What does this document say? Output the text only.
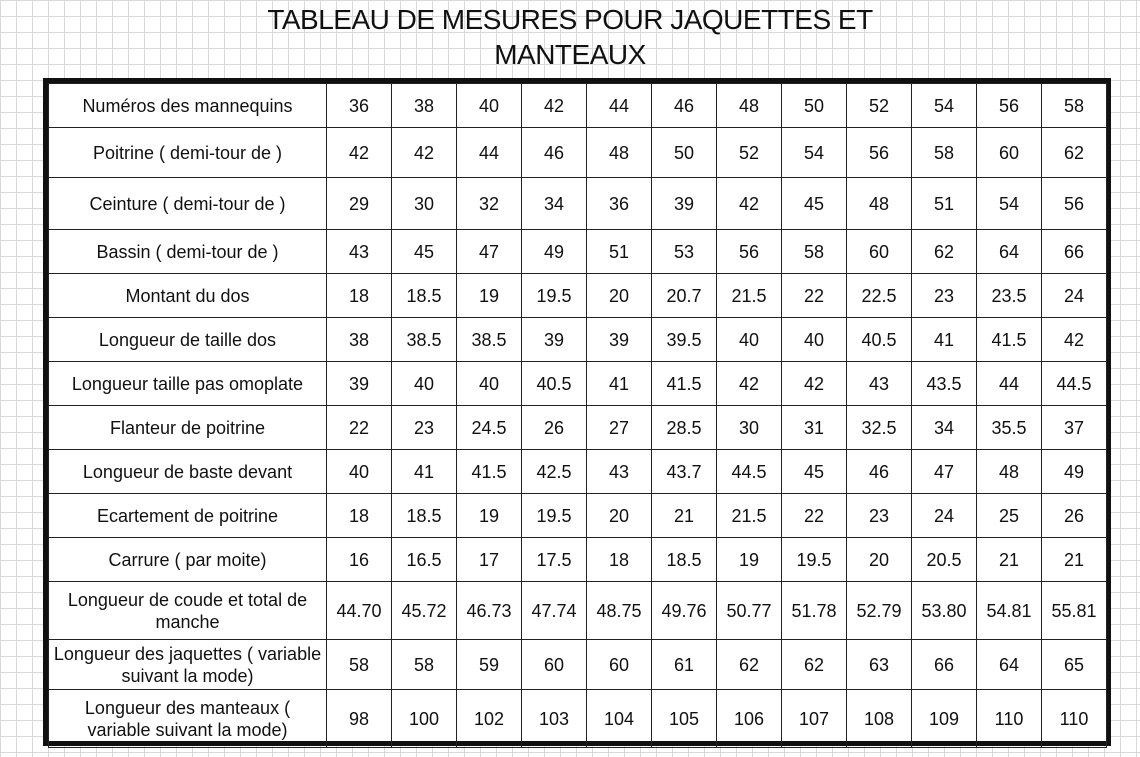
TABLEAU DE MESURES POUR JAQUETTES ET
MANTEAUX
Numéros des mannequins	36	38	40	42	44	46	48	50	52	54	56	58
Poitrine ( demi-tour de )	42	42	44	46	48	50	52	54	56	58	60	62
Ceinture ( demi-tour de )	29	30	32	34	36	39	42	45	48	51	54	56
Bassin ( demi-tour de )	43	45	47	49	51	53	56	58	60	62	64	66
Montant du dos	18	18.5	19	19.5	20	20.7	21.5	22	22.5	23	23.5	24
Longueur de taille dos	38	38.5	38.5	39	39	39.5	40	40	40.5	41	41.5	42
Longueur taille pas omoplate	39	40	40	40.5	41	41.5	42	42	43	43.5	44	44.5
Flanteur de poitrine	22	23	24.5	26	27	28.5	30	31	32.5	34	35.5	37
Longueur de baste devant	40	41	41.5	42.5	43	43.7	44.5	45	46	47	48	49
Ecartement de poitrine	18	18.5	19	19.5	20	21	21.5	22	23	24	25	26
Carrure ( par moite)	16	16.5	17	17.5	18	18.5	19	19.5	20	20.5	21	21
Longueur de coude et total de manche	44.70	45.72	46.73	47.74	48.75	49.76	50.77	51.78	52.79	53.80	54.81	55.81
Longueur des jaquettes ( variable suivant la mode)	58	58	59	60	60	61	62	62	63	66	64	65
Longueur des manteaux ( variable suivant la mode)	98	100	102	103	104	105	106	107	108	109	110	110
